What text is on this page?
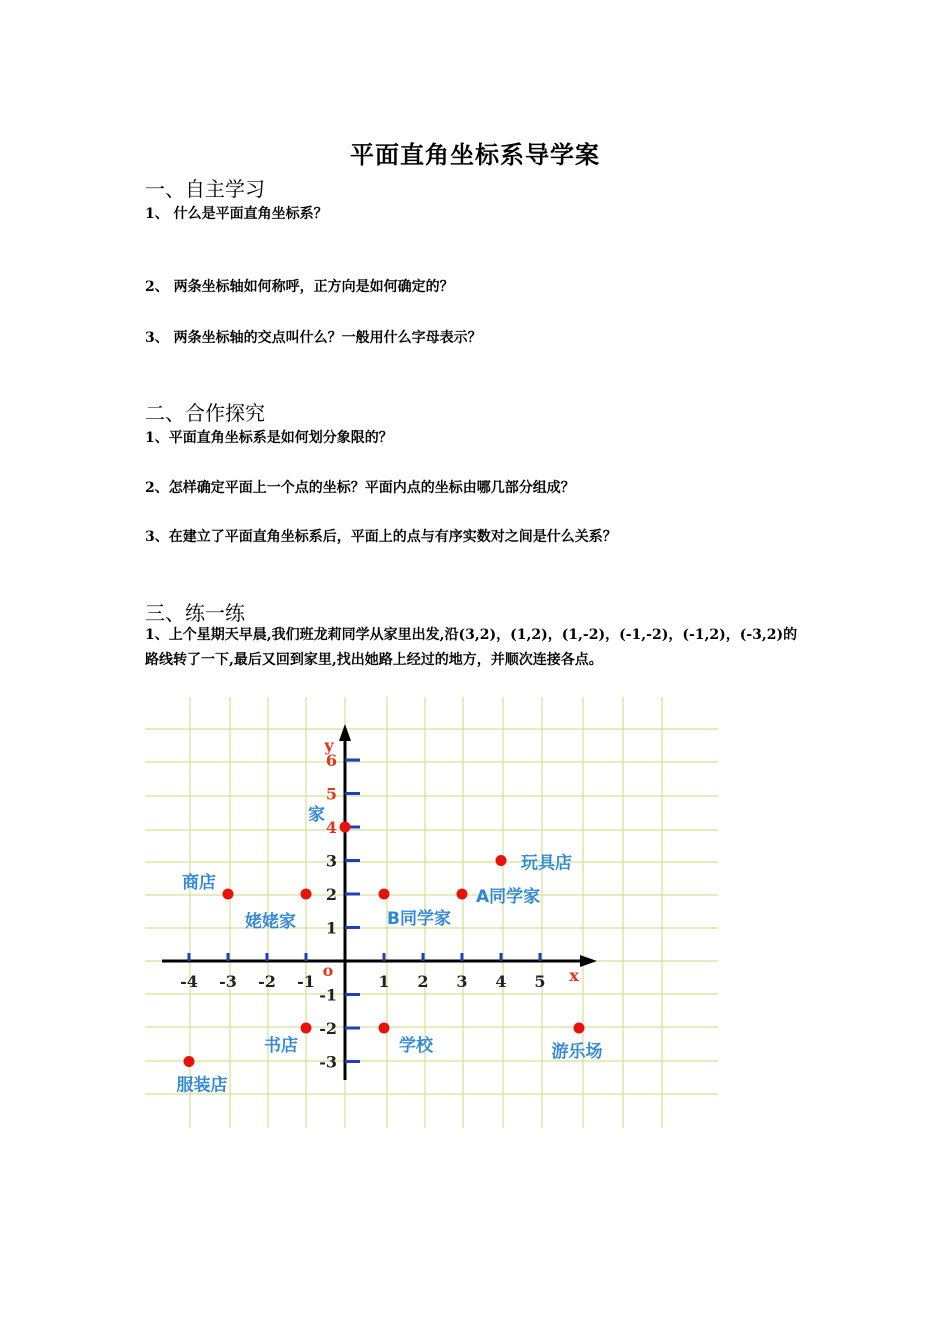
平面直角坐标系导学案
一、自主学习
1、 什么是平面直角坐标系？
2、 两条坐标轴如何称呼，正方向是如何确定的？
3、 两条坐标轴的交点叫什么？一般用什么字母表示？
二、合作探究
1、平面直角坐标系是如何划分象限的？
2、怎样确定平面上一个点的坐标？平面内点的坐标由哪几部分组成？
3、在建立了平面直角坐标系后，平面上的点与有序实数对之间是什么关系？
三、练一练
1、上个星期天早晨,我们班龙莉同学从家里出发,沿(3,2)，(1,2)，(1,-2)，(-1,-2)，(-1,2)，(-3,2)的
路线转了一下,最后又回到家里,找出她路上经过的地方，并顺次连接各点。
-4 -3 -2 -1	1 2 3 4 5
6
5
4
3
2
1
-1
-2
-3
x
y
o
家
玩具店
商店
姥姥家	B同学家
A同学家
书店	学校	游乐场
服装店
